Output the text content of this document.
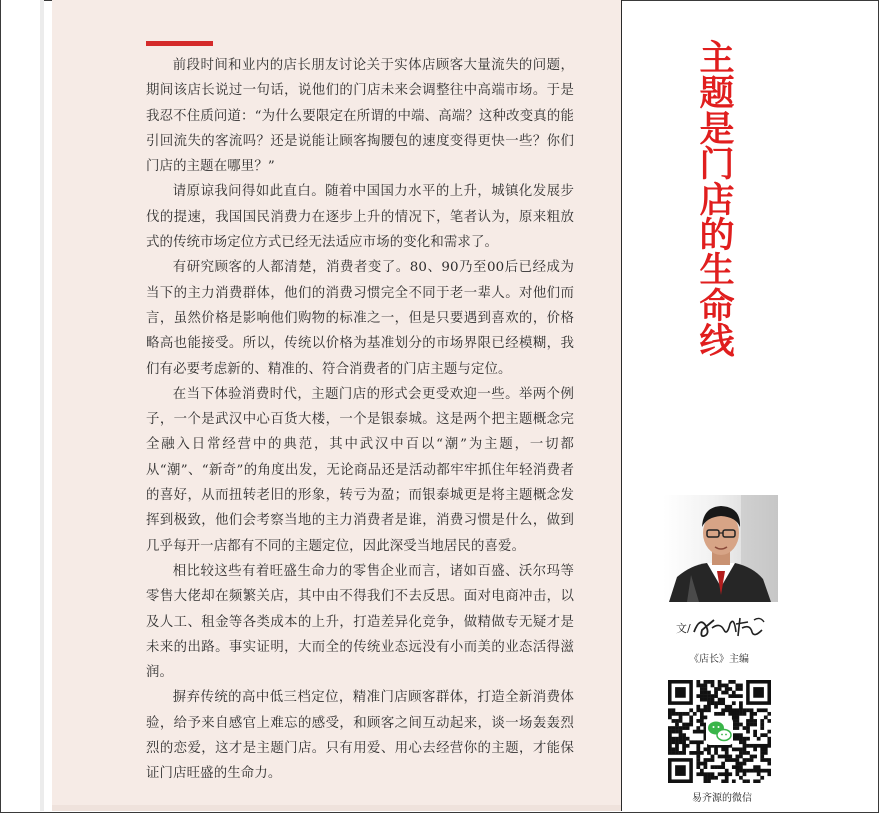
前段时间和业内的店长朋友讨论关于实体店顾客大量流失的问题，期间该店长说过一句话，说他们的门店未来会调整往中高端市场。于是我忍不住质问道：“为什么要限定在所谓的中端、高端？这种改变真的能引回流失的客流吗？还是说能让顾客掏腰包的速度变得更快一些？你们门店的主题在哪里？”

请原谅我问得如此直白。随着中国国力水平的上升，城镇化发展步伐的提速，我国国民消费力在逐步上升的情况下，笔者认为，原来粗放式的传统市场定位方式已经无法适应市场的变化和需求了。

有研究顾客的人都清楚，消费者变了。80、90乃至00后已经成为当下的主力消费群体，他们的消费习惯完全不同于老一辈人。对他们而言，虽然价格是影响他们购物的标准之一，但是只要遇到喜欢的，价格略高也能接受。所以，传统以价格为基准划分的市场界限已经模糊，我们有必要考虑新的、精准的、符合消费者的门店主题与定位。

在当下体验消费时代，主题门店的形式会更受欢迎一些。举两个例子，一个是武汉中心百货大楼，一个是银泰城。这是两个把主题概念完全融入日常经营中的典范，其中武汉中百以“潮”为主题，一切都从“潮”、“新奇”的角度出发，无论商品还是活动都牢牢抓住年轻消费者的喜好，从而扭转老旧的形象，转亏为盈；而银泰城更是将主题概念发挥到极致，他们会考察当地的主力消费者是谁，消费习惯是什么，做到几乎每开一店都有不同的主题定位，因此深受当地居民的喜爱。

相比较这些有着旺盛生命力的零售企业而言，诸如百盛、沃尔玛等零售大佬却在频繁关店，其中由不得我们不去反思。面对电商冲击，以及人工、租金等各类成本的上升，打造差异化竞争，做精做专无疑才是未来的出路。事实证明，大而全的传统业态远没有小而美的业态活得滋润。

摒弃传统的高中低三档定位，精准门店顾客群体，打造全新消费体验，给予来自感官上难忘的感受，和顾客之间互动起来，谈一场轰轰烈烈的恋爱，这才是主题门店。只有用爱、用心去经营你的主题，才能保证门店旺盛的生命力。

主
题
是
门
店
的
生
命
线
文/
《店长》主编
易齐源的微信
